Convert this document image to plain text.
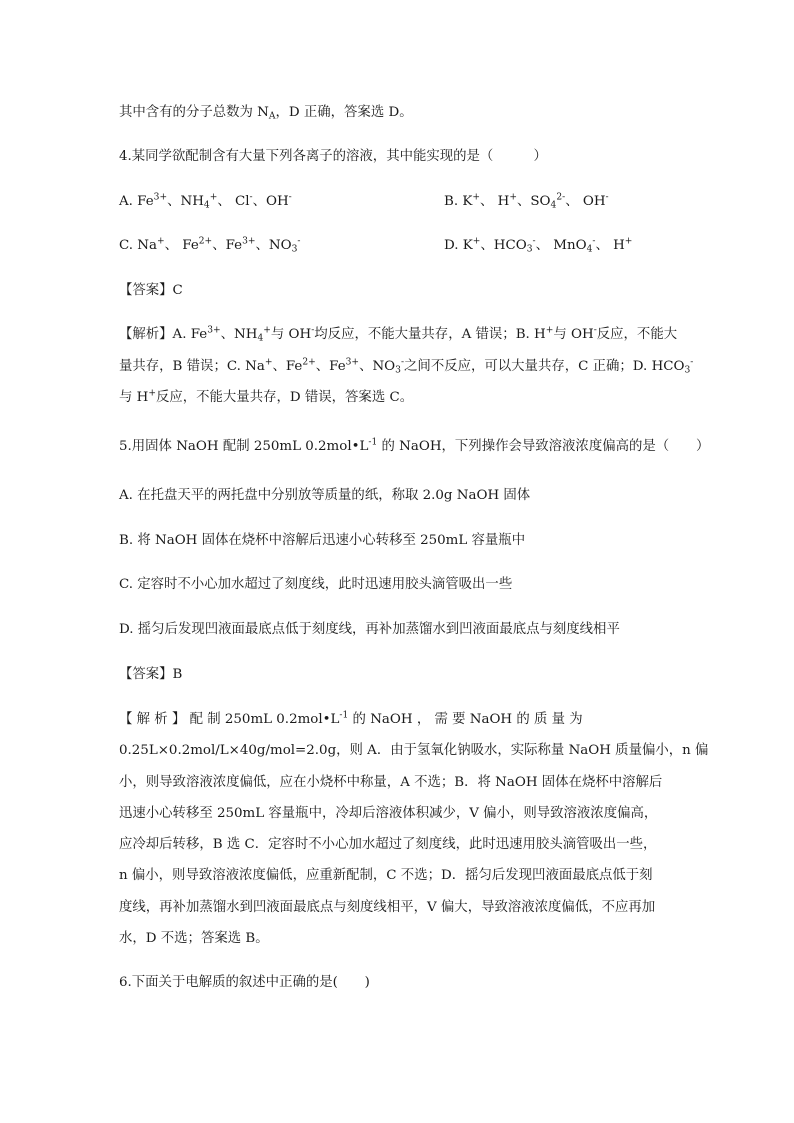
其中含有的分子总数为 $N_A$，D 正确，答案选 D。
4.某同学欲配制含有大量下列各离子的溶液，其中能实现的是（　　　）
A. $Fe^{3+}$、$NH_4^+$、 Cl-、OH-	B. K+、 H+、$SO_4^{2-}$、 OH-
C. Na+、 $Fe^{2+}$、$Fe^{3+}$、$NO_3^-$	D. K+、$HCO_3^-$、 MnO$_4$-、 H+
【答案】C
【解析】A. $Fe^{3+}$、$NH_4^+$与 OH-均反应，不能大量共存，A 错误；B. H+与 OH-反应，不能大
量共存，B 错误；C. Na+、$Fe^{2+}$、$Fe^{3+}$、$NO_3^-$之间不反应，可以大量共存，C 正确；D. $HCO_3^-$
与 H+反应，不能大量共存，D 错误，答案选 C。
5.用固体 NaOH 配制 250mL $0.2mol•L^{-1}$ 的 NaOH，下列操作会导致溶液浓度偏高的是（　　）
A. 在托盘天平的两托盘中分别放等质量的纸，称取 2.0g NaOH 固体
B. 将 NaOH 固体在烧杯中溶解后迅速小心转移至 250mL 容量瓶中
C. 定容时不小心加水超过了刻度线，此时迅速用胶头滴管吸出一些
D. 摇匀后发现凹液面最底点低于刻度线，再补加蒸馏水到凹液面最底点与刻度线相平
【答案】B
【 解 析 】 配 制 250mL $0.2mol•L^{-1}$ 的 NaOH ， 需 要 NaOH 的 质 量 为
0.25L×0.2mol/L×40g/mol=2.0g，则 A．由于氢氧化钠吸水，实际称量 NaOH 质量偏小，n 偏
小，则导致溶液浓度偏低，应在小烧杯中称量，A 不选；B．将 NaOH 固体在烧杯中溶解后
迅速小心转移至 250mL 容量瓶中，冷却后溶液体积减少，V 偏小，则导致溶液浓度偏高，
应冷却后转移，B 选 C．定容时不小心加水超过了刻度线，此时迅速用胶头滴管吸出一些，
n 偏小，则导致溶液浓度偏低，应重新配制，C 不选；D．摇匀后发现凹液面最底点低于刻
度线，再补加蒸馏水到凹液面最底点与刻度线相平，V 偏大，导致溶液浓度偏低，不应再加
水，D 不选；答案选 B。
6.下面关于电解质的叙述中正确的是(　　)
